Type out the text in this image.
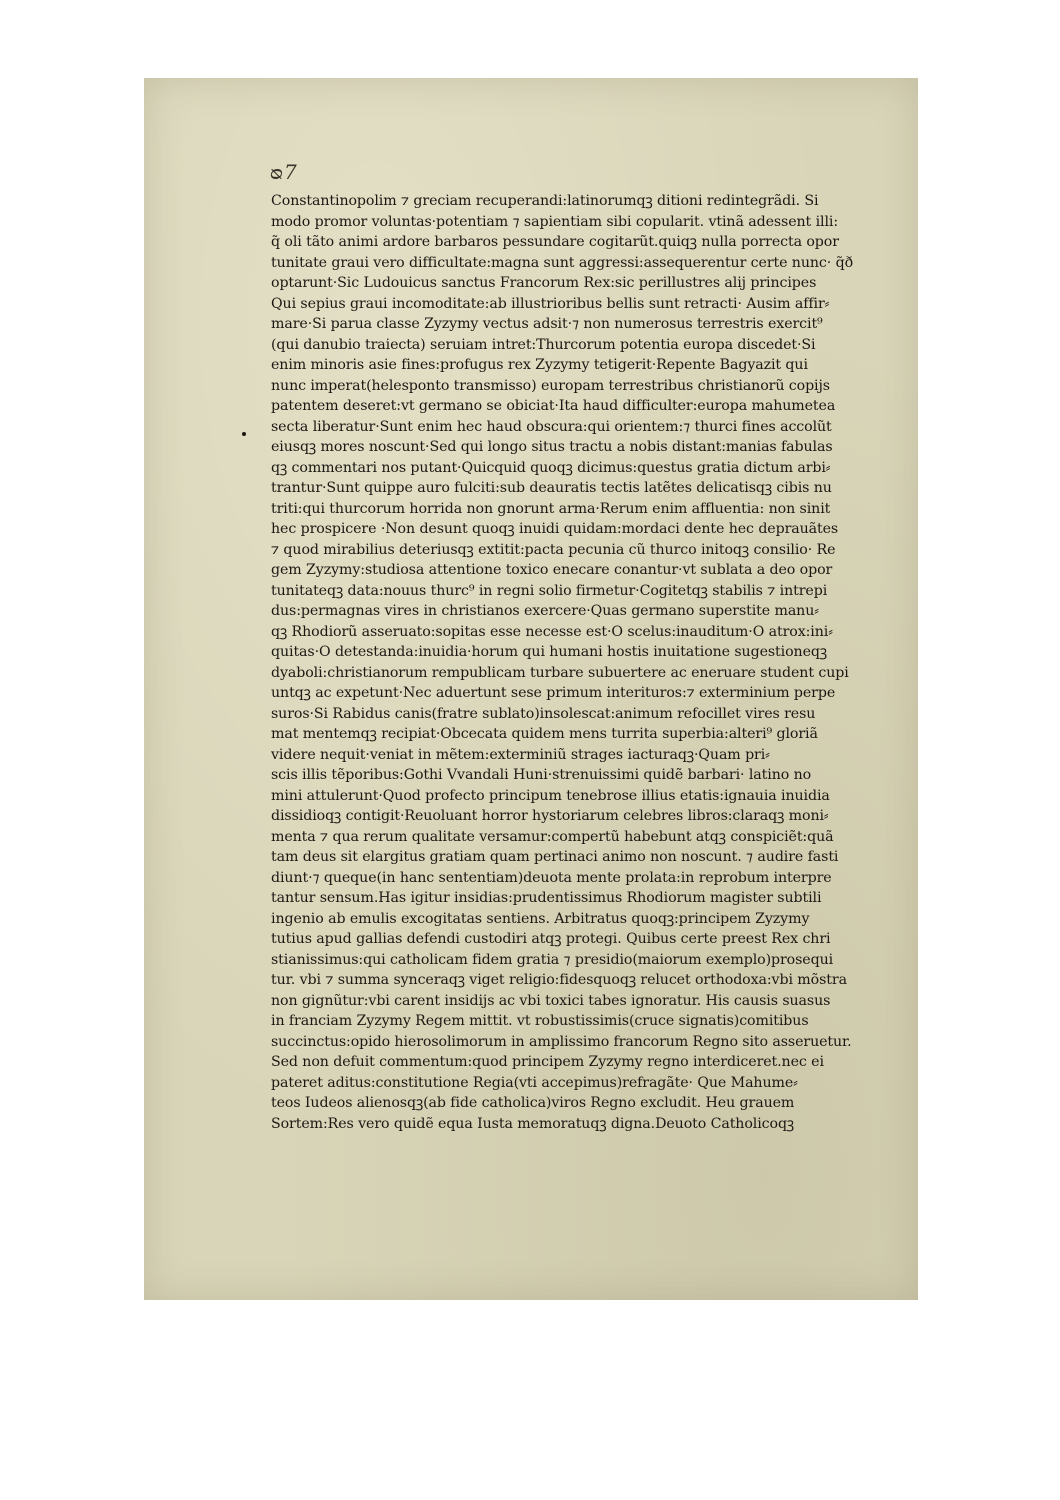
ᴓ7
Constantinopolim ⁊ greciam recuperandi:latinorumqꝫ ditioni redintegrãdi. Si
modo promor voluntas·potentiam ⁊ sapientiam sibi copularit. vtinã adessent illi:
q̃ oli tãto animi ardore barbaros pessundare cogitarũt.quiqꝫ nulla porrecta opor
tunitate graui vero difficultate:magna sunt aggressi:assequerentur certe nunc· q̃ð
optarunt·Sic Ludouicus sanctus Francorum Rex:sic perillustres alij principes
Qui sepius graui incomoditate:ab illustrioribus bellis sunt retracti· Ausim affir⸗
mare·Si parua classe Zyzymy vectus adsit·⁊ non numerosus terrestris exercit⁹
(qui danubio traiecta) seruiam intret:Thurcorum potentia europa discedet·Si
enim minoris asie fines:profugus rex Zyzymy tetigerit·Repente Bagyazit qui
nunc imperat(helesponto transmisso) europam terrestribus christianorũ copijs
patentem deseret:vt germano se obiciat·Ita haud difficulter:europa mahumetea
secta liberatur·Sunt enim hec haud obscura:qui orientem:⁊ thurci fines accolũt
eiusqꝫ mores noscunt·Sed qui longo situs tractu a nobis distant:manias fabulas
qꝫ commentari nos putant·Quicquid quoqꝫ dicimus:questus gratia dictum arbi⸗
trantur·Sunt quippe auro fulciti:sub deauratis tectis latẽtes delicatisqꝫ cibis nu
triti:qui thurcorum horrida non gnorunt arma·Rerum enim affluentia: non sinit
hec prospicere ·Non desunt quoqꝫ inuidi quidam:mordaci dente hec deprauãtes
⁊ quod mirabilius deteriusqꝫ extitit:pacta pecunia cũ thurco initoqꝫ consilio· Re
gem Zyzymy:studiosa attentione toxico enecare conantur·vt sublata a deo opor
tunitateqꝫ data:nouus thurc⁹ in regni solio firmetur·Cogitetqꝫ stabilis ⁊ intrepi
dus:permagnas vires in christianos exercere·Quas germano superstite manu⸗
qꝫ Rhodiorũ asseruato:sopitas esse necesse est·O scelus:inauditum·O atrox:ini⸗
quitas·O detestanda:inuidia·horum qui humani hostis inuitatione sugestioneqꝫ
dyaboli:christianorum rempublicam turbare subuertere ac eneruare student cupi
untqꝫ ac expetunt·Nec aduertunt sese primum interituros:⁊ exterminium perpe
suros·Si Rabidus canis(fratre sublato)insolescat:animum refocillet vires resu
mat mentemqꝫ recipiat·Obcecata quidem mens turrita superbia:alteri⁹ gloriã
videre nequit·veniat in mẽtem:exterminiũ strages iacturaqꝫ·Quam pri⸗
scis illis tẽporibus:Gothi Vvandali Huni·strenuissimi quidẽ barbari· latino no
mini attulerunt·Quod profecto principum tenebrose illius etatis:ignauia inuidia
dissidioqꝫ contigit·Reuoluant horror hystoriarum celebres libros:claraqꝫ moni⸗
menta ⁊ qua rerum qualitate versamur:compertũ habebunt atqꝫ conspiciẽt:quã
tam deus sit elargitus gratiam quam pertinaci animo non noscunt. ⁊ audire fasti
diunt·⁊ queque(in hanc sententiam)deuota mente prolata:in reprobum interpre
tantur sensum.Has igitur insidias:prudentissimus Rhodiorum magister subtili
ingenio ab emulis excogitatas sentiens. Arbitratus quoqꝫ:principem Zyzymy
tutius apud gallias defendi custodiri atqꝫ protegi. Quibus certe preest Rex chri
stianissimus:qui catholicam fidem gratia ⁊ presidio(maiorum exemplo)prosequi
tur. vbi ⁊ summa synceraqꝫ viget religio:fidesquoqꝫ relucet orthodoxa:vbi mõstra
non gignũtur:vbi carent insidijs ac vbi toxici tabes ignoratur. His causis suasus
in franciam Zyzymy Regem mittit. vt robustissimis(cruce signatis)comitibus
succinctus:opido hierosolimorum in amplissimo francorum Regno sito asseruetur.
Sed non defuit commentum:quod principem Zyzymy regno interdiceret.nec ei
pateret aditus:constitutione Regia(vti accepimus)refragãte· Que Mahume⸗
teos Iudeos alienosqꝫ(ab fide catholica)viros Regno excludit. Heu grauem
Sortem:Res vero quidẽ equa Iusta memoratuqꝫ digna.Deuoto Catholicoqꝫ
